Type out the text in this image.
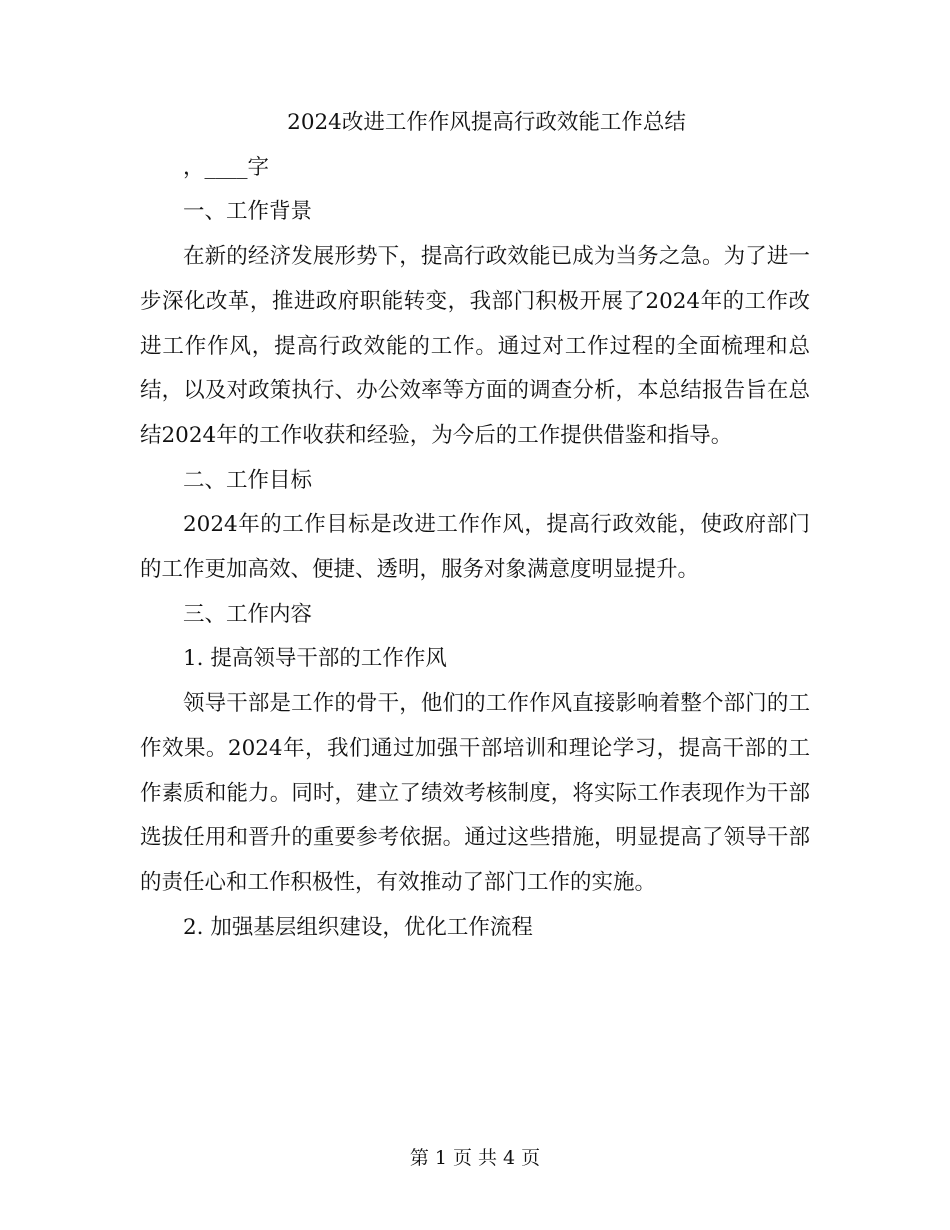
2024改进工作作风提高行政效能工作总结

，____字

一、工作背景

在新的经济发展形势下，提高行政效能已成为当务之急。为了进一步深化改革，推进政府职能转变，我部门积极开展了2024年的工作改进工作作风，提高行政效能的工作。通过对工作过程的全面梳理和总结，以及对政策执行、办公效率等方面的调查分析，本总结报告旨在总结2024年的工作收获和经验，为今后的工作提供借鉴和指导。

二、工作目标

2024年的工作目标是改进工作作风，提高行政效能，使政府部门的工作更加高效、便捷、透明，服务对象满意度明显提升。

三、工作内容

1. 提高领导干部的工作作风

领导干部是工作的骨干，他们的工作作风直接影响着整个部门的工作效果。2024年，我们通过加强干部培训和理论学习，提高干部的工作素质和能力。同时，建立了绩效考核制度，将实际工作表现作为干部选拔任用和晋升的重要参考依据。通过这些措施，明显提高了领导干部的责任心和工作积极性，有效推动了部门工作的实施。

2. 加强基层组织建设，优化工作流程

第 1 页 共 4 页
